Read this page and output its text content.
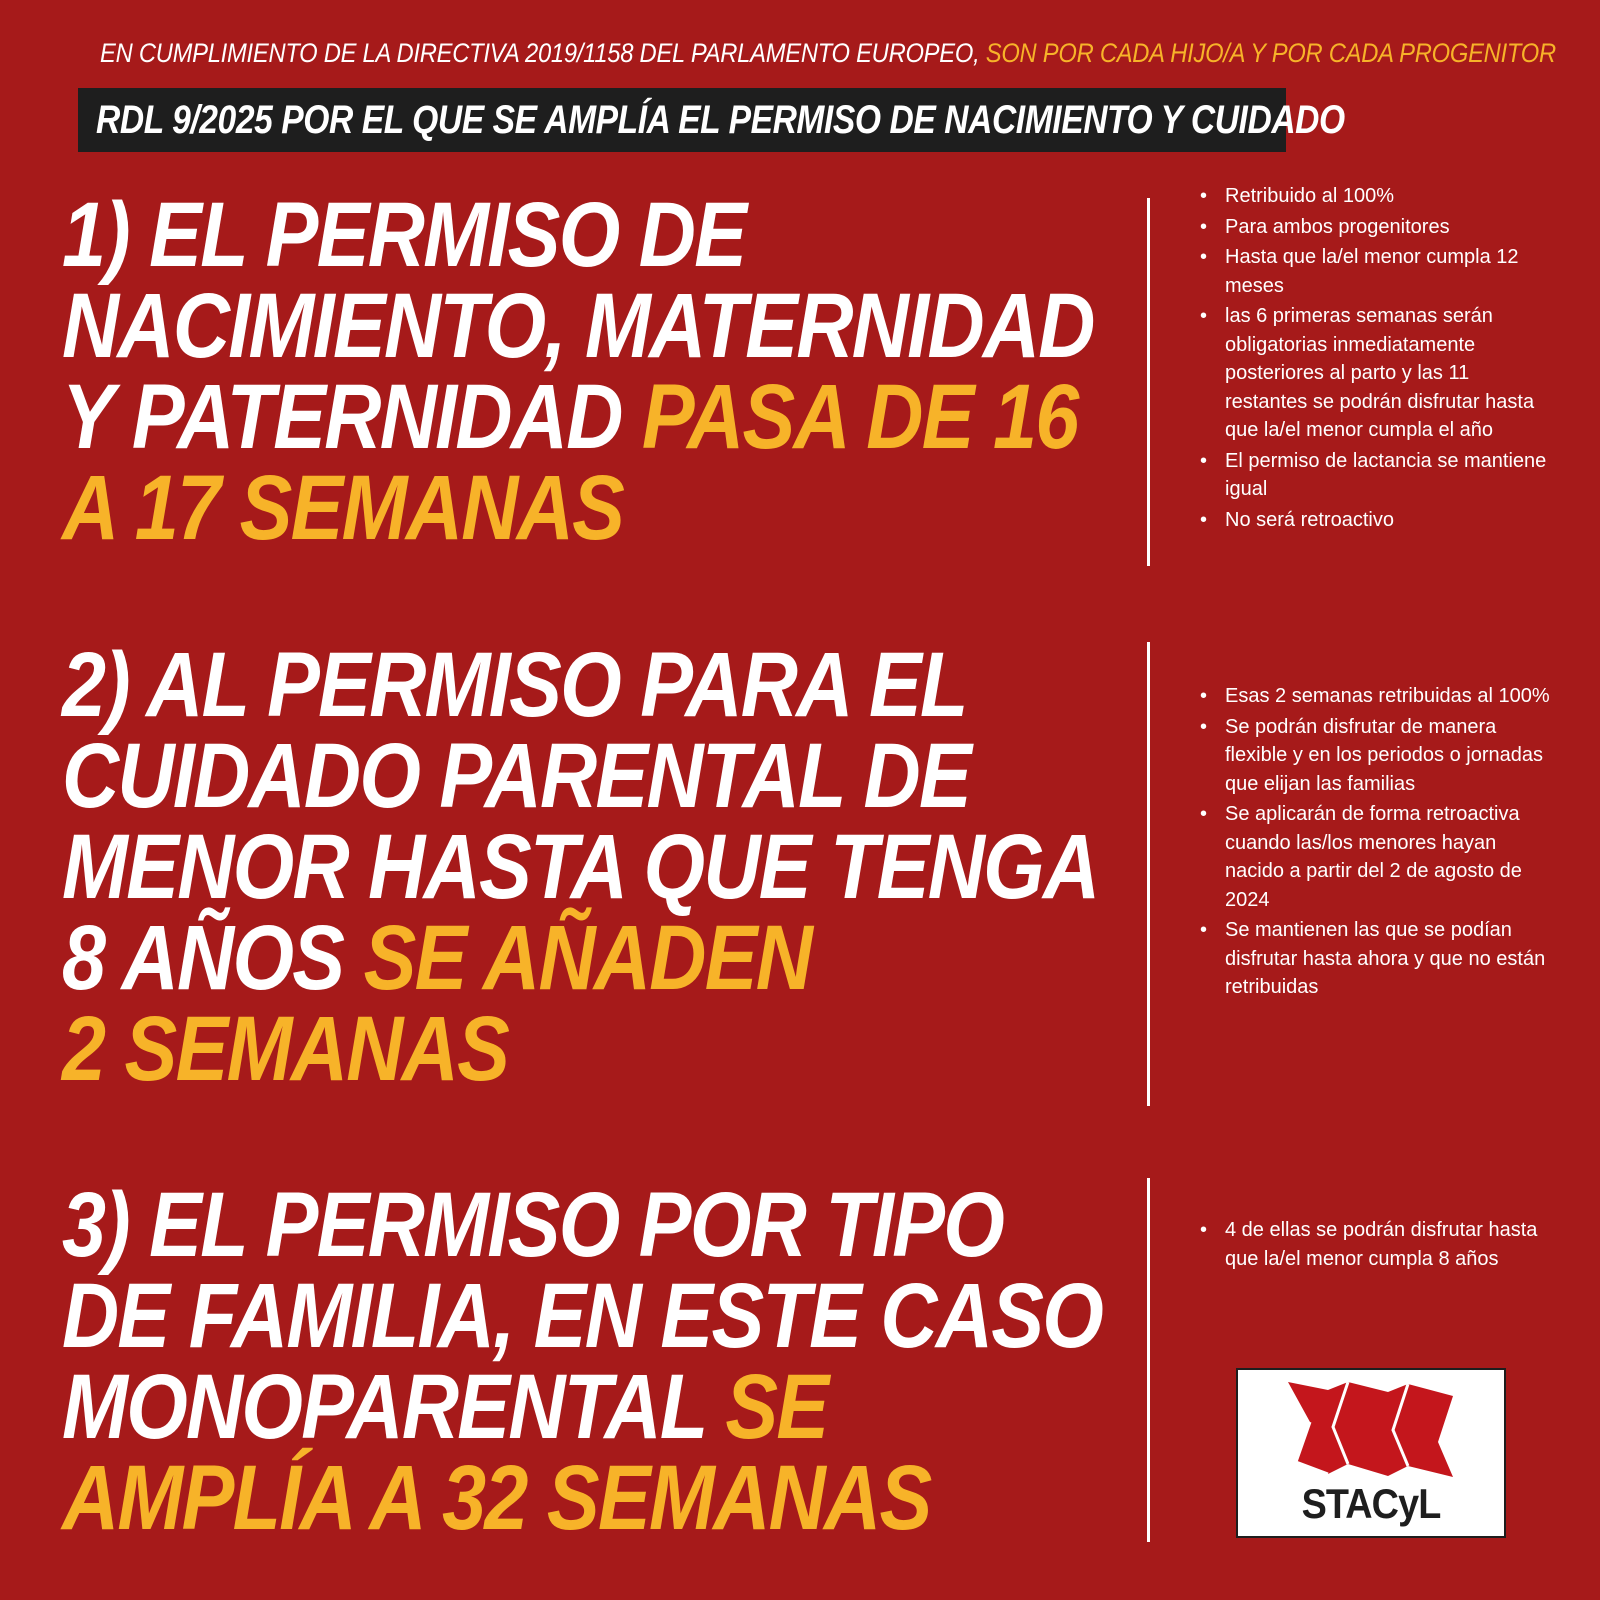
EN CUMPLIMIENTO DE LA DIRECTIVA 2019/1158 DEL PARLAMENTO EUROPEO, SON POR CADA HIJO/A Y POR CADA PROGENITOR
RDL 9/2025 POR EL QUE SE AMPLÍA EL PERMISO DE NACIMIENTO Y CUIDADO
1) EL PERMISO DE
NACIMIENTO, MATERNIDAD
Y PATERNIDAD PASA DE 16
A 17 SEMANAS
• Retribuido al 100%
• Para ambos progenitores
• Hasta que la/el menor cumpla 12 meses
• las 6 primeras semanas serán obligatorias inmediatamente posteriores al parto y las 11 restantes se podrán disfrutar hasta que la/el menor cumpla el año
• El permiso de lactancia se mantiene igual
• No será retroactivo
2) AL PERMISO PARA EL
CUIDADO PARENTAL DE
MENOR HASTA QUE TENGA
8 AÑOS SE AÑADEN
2 SEMANAS
• Esas 2 semanas retribuidas al 100%
• Se podrán disfrutar de manera flexible y en los periodos o jornadas que elijan las familias
• Se aplicarán de forma retroactiva cuando las/los menores hayan nacido a partir del 2 de agosto de 2024
• Se mantienen las que se podían disfrutar hasta ahora y que no están retribuidas
3) EL PERMISO POR TIPO
DE FAMILIA, EN ESTE CASO
MONOPARENTAL SE
AMPLÍA A 32 SEMANAS
• 4 de ellas se podrán disfrutar hasta que la/el menor cumpla 8 años
STACyL
